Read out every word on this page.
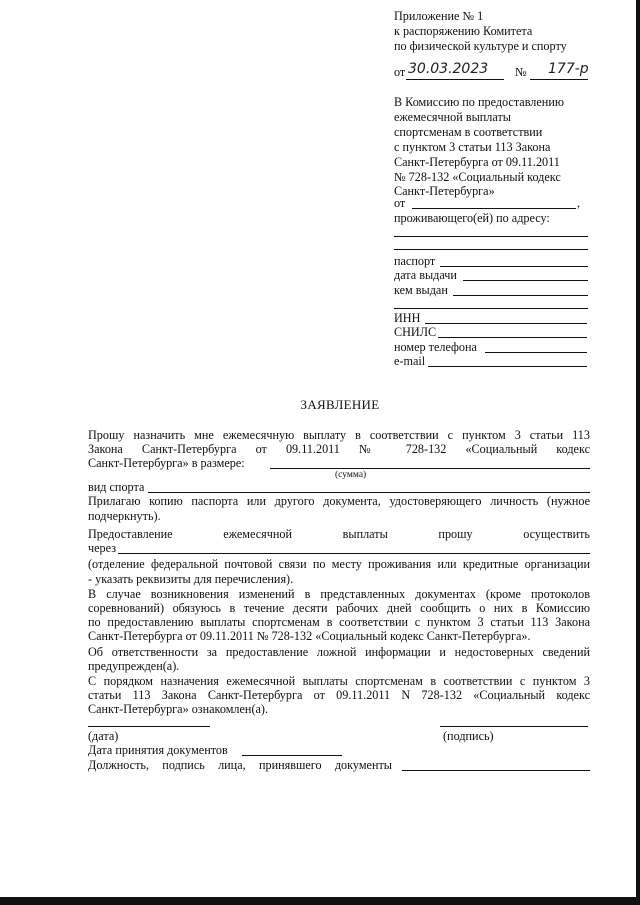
Приложение № 1
к распоряжению Комитета
по физической культуре и спорту
от 30.03.2023 № 177-р
В Комиссию по предоставлению
ежемесячной выплаты
спортсменам в соответствии
с пунктом 3 статьи 113 Закона
Санкт-Петербурга от 09.11.2011
№ 728-132 «Социальный кодекс
Санкт-Петербурга»
от	,
проживающего(ей) по адресу:
паспорт
дата выдачи
кем выдан
ИНН
СНИЛС
номер телефона
e-mail
ЗАЯВЛЕНИЕ
Прошу назначить мне ежемесячную выплату в соответствии с пунктом 3 статьи 113
Закона Санкт-Петербурга от 09.11.2011 № 728-132 «Социальный кодекс
Санкт-Петербурга» в размере:
(сумма)
вид спорта
Прилагаю копию паспорта или другого документа, удостоверяющего личность (нужное
подчеркнуть).
Предоставление ежемесячной выплаты прошу осуществить
через
(отделение федеральной почтовой связи по месту проживания или кредитные организации
- указать реквизиты для перечисления).
В случае возникновения изменений в представленных документах (кроме протоколов
соревнований) обязуюсь в течение десяти рабочих дней сообщить о них в Комиссию
по предоставлению выплаты спортсменам в соответствии с пунктом 3 статьи 113 Закона
Санкт-Петербурга от 09.11.2011 № 728-132 «Социальный кодекс Санкт-Петербурга».
Об ответственности за предоставление ложной информации и недостоверных сведений
предупрежден(а).
С порядком назначения ежемесячной выплаты спортсменам в соответствии с пунктом 3
статьи 113 Закона Санкт-Петербурга от 09.11.2011 N 728-132 «Социальный кодекс
Санкт-Петербурга» ознакомлен(а).
(дата)	(подпись)
Дата принятия документов
Должность, подпись лица, принявшего документы
